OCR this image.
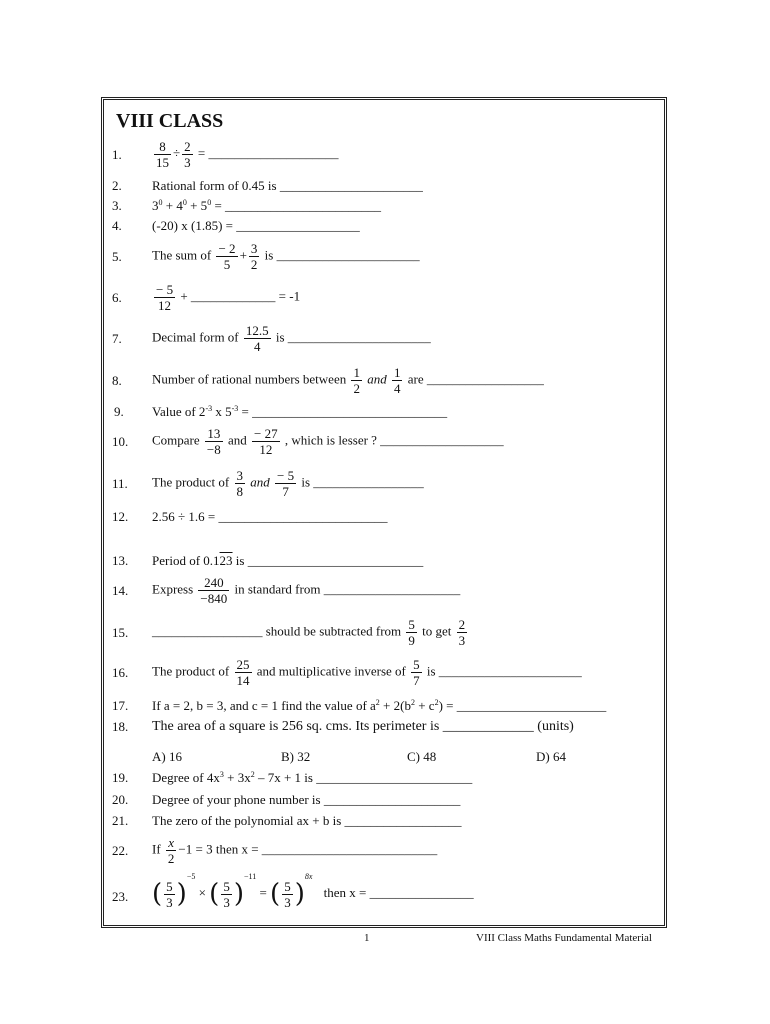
VIII CLASS
1. $\frac{8}{15} \div \frac{2}{3}$ = ____________________
2. Rational form of 0.45 is ______________________
3. $3^0 + 4^0 + 5^0$ = ________________________
4. (-20) x (1.85) = ___________________
5. The sum of $\frac{- 2}{5} + \frac{3}{2}$ is ______________________
6. $\frac{- 5}{12}$ + _____________ = -1
7. Decimal form of $\frac{12.5}{4}$ is ______________________
8. Number of rational numbers between $\frac{1}{2}$ and $\frac{1}{4}$ are __________________
9. Value of $2^{-3}$ x $5^{-3}$ = ______________________________
10. Compare $\frac{13}{-8}$ and $\frac{- 27}{12}$ , which is lesser ? ___________________
11. The product of $\frac{3}{8}$ and $\frac{- 5}{7}$ is _________________
12. 2.56 ÷ 1.6 = __________________________
13. Period of 0.123 is ___________________________
14. Express $\frac{240}{-840}$ in standard from _____________________
15. _________________ should be subtracted from $\frac{5}{9}$ to get $\frac{2}{3}$
16. The product of $\frac{25}{14}$ and multiplicative inverse of $\frac{5}{7}$ is ______________________
17. If a = 2, b = 3, and c = 1 find the value of $a^2 + 2(b^2 + c^2)$ = _______________________
18. The area of a square is 256 sq. cms. Its perimeter is _____________ (units)
A) 16	B) 32	C) 48	D) 64
19. Degree of $4x^3 + 3x^2 - 7x + 1$ is ________________________
20. Degree of your phone number is _____________________
21. The zero of the polynomial ax + b is __________________
22. If $\frac{x}{2} -1 = 3$ then x = ___________________________
23. ( $\frac{5}{3} )^{-5}$ × ( $\frac{5}{3} )^{-11}$ = ( $\frac{5}{3} )^{8x}$ then x = ________________
1	VIII Class Maths Fundamental Material
